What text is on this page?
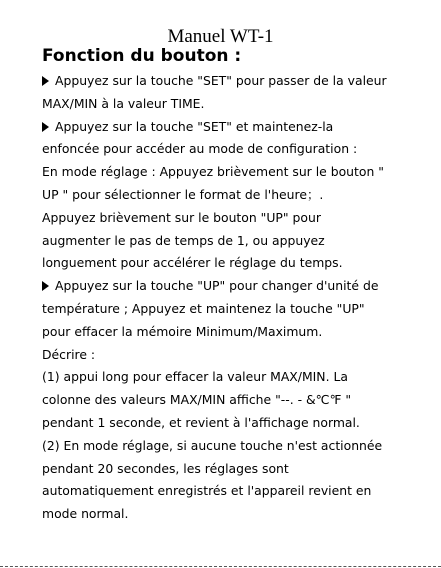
Manuel WT-1
Fonction du bouton :
Appuyez sur la touche "SET" pour passer de la valeur
MAX/MIN à la valeur TIME.
Appuyez sur la touche "SET" et maintenez-la
enfoncée pour accéder au mode de configuration :
En mode réglage : Appuyez brièvement sur le bouton "
UP " pour sélectionner le format de l'heure；.
Appuyez brièvement sur le bouton "UP" pour
augmenter le pas de temps de 1, ou appuyez
longuement pour accélérer le réglage du temps.
Appuyez sur la touche "UP" pour changer d'unité de
température ; Appuyez et maintenez la touche "UP"
pour effacer la mémoire Minimum/Maximum.
Décrire :
(1) appui long pour effacer la valeur MAX/MIN. La
colonne des valeurs MAX/MIN affiche "--. - &℃℉ "
pendant 1 seconde, et revient à l'affichage normal.
(2) En mode réglage, si aucune touche n'est actionnée
pendant 20 secondes, les réglages sont
automatiquement enregistrés et l'appareil revient en
mode normal.
